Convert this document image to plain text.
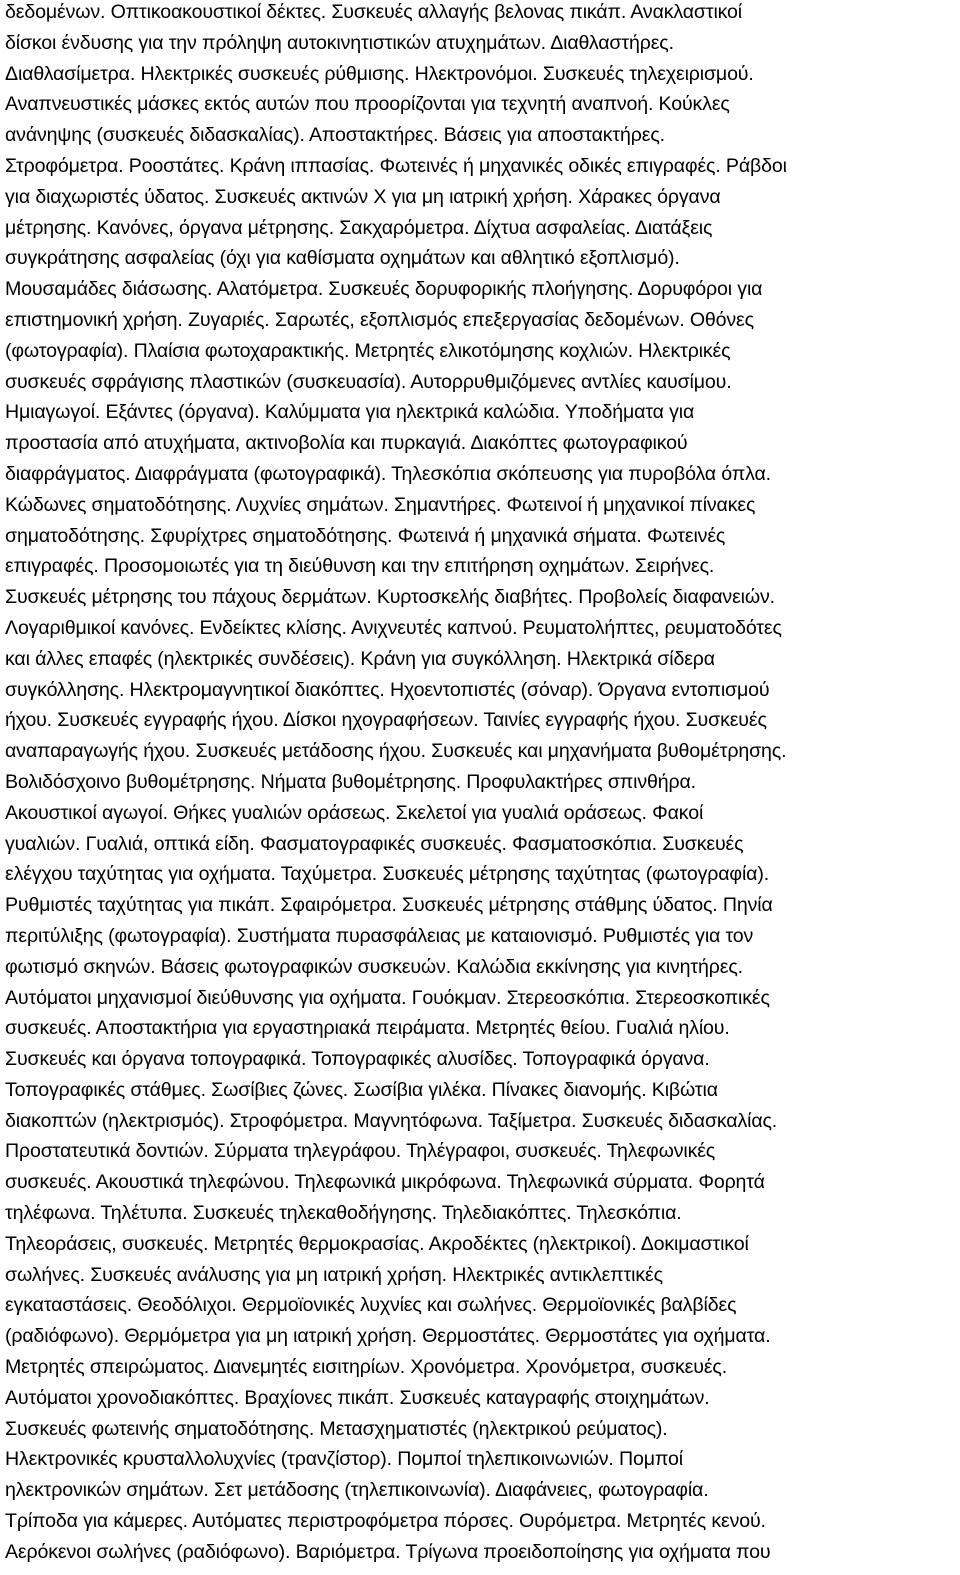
δεδομένων. Οπτικοακουστικοί δέκτες. Συσκευές αλλαγής βελονας πικάπ. Ανακλαστικοί
δίσκοι ένδυσης για την πρόληψη αυτοκινητιστικών ατυχημάτων. Διαθλαστήρες.
Διαθλασίμετρα. Ηλεκτρικές συσκευές ρύθμισης. Ηλεκτρονόμοι. Συσκευές τηλεχειρισμού.
Αναπνευστικές μάσκες εκτός αυτών που προορίζονται για τεχνητή αναπνοή. Κούκλες
ανάνηψης (συσκευές διδασκαλίας). Αποστακτήρες. Βάσεις για αποστακτήρες.
Στροφόμετρα. Ροοστάτες. Κράνη ιππασίας. Φωτεινές ή μηχανικές οδικές επιγραφές. Ράβδοι
για διαχωριστές ύδατος. Συσκευές ακτινών Χ για μη ιατρική χρήση. Χάρακες όργανα
μέτρησης. Κανόνες, όργανα μέτρησης. Σακχαρόμετρα. Δίχτυα ασφαλείας. Διατάξεις
συγκράτησης ασφαλείας (όχι για καθίσματα οχημάτων και αθλητικό εξοπλισμό).
Μουσαμάδες διάσωσης. Αλατόμετρα. Συσκευές δορυφορικής πλοήγησης. Δορυφόροι για
επιστημονική χρήση. Ζυγαριές. Σαρωτές, εξοπλισμός επεξεργασίας δεδομένων. Οθόνες
(φωτογραφία). Πλαίσια φωτοχαρακτικής. Μετρητές ελικοτόμησης κοχλιών. Ηλεκτρικές
συσκευές σφράγισης πλαστικών (συσκευασία). Αυτορρυθμιζόμενες αντλίες καυσίμου.
Ημιαγωγοί. Εξάντες (όργανα). Καλύμματα για ηλεκτρικά καλώδια. Υποδήματα για
προστασία από ατυχήματα, ακτινοβολία και πυρκαγιά. Διακόπτες φωτογραφικού
διαφράγματος. Διαφράγματα (φωτογραφικά). Τηλεσκόπια σκόπευσης για πυροβόλα όπλα.
Κώδωνες σηματοδότησης. Λυχνίες σημάτων. Σημαντήρες. Φωτεινοί ή μηχανικοί πίνακες
σηματοδότησης. Σφυρίχτρες σηματοδότησης. Φωτεινά ή μηχανικά σήματα. Φωτεινές
επιγραφές. Προσομοιωτές για τη διεύθυνση και την επιτήρηση οχημάτων. Σειρήνες.
Συσκευές μέτρησης του πάχους δερμάτων. Κυρτοσκελής διαβήτες. Προβολείς διαφανειών.
Λογαριθμικοί κανόνες. Ενδείκτες κλίσης. Ανιχνευτές καπνού. Ρευματολήπτες, ρευματοδότες
και άλλες επαφές (ηλεκτρικές συνδέσεις). Κράνη για συγκόλληση. Ηλεκτρικά σίδερα
συγκόλλησης. Ηλεκτρομαγνητικοί διακόπτες. Ηχοεντοπιστές (σόναρ). Όργανα εντοπισμού
ήχου. Συσκευές εγγραφής ήχου. Δίσκοι ηχογραφήσεων. Ταινίες εγγραφής ήχου. Συσκευές
αναπαραγωγής ήχου. Συσκευές μετάδοσης ήχου. Συσκευές και μηχανήματα βυθομέτρησης.
Βολιδόσχοινο βυθομέτρησης. Νήματα βυθομέτρησης. Προφυλακτήρες σπινθήρα.
Ακουστικοί αγωγοί. Θήκες γυαλιών οράσεως. Σκελετοί για γυαλιά οράσεως. Φακοί
γυαλιών. Γυαλιά, οπτικά είδη. Φασματογραφικές συσκευές. Φασματοσκόπια. Συσκευές
ελέγχου ταχύτητας για οχήματα. Ταχύμετρα. Συσκευές μέτρησης ταχύτητας (φωτογραφία).
Ρυθμιστές ταχύτητας για πικάπ. Σφαιρόμετρα. Συσκευές μέτρησης στάθμης ύδατος. Πηνία
περιτύλιξης (φωτογραφία). Συστήματα πυρασφάλειας με καταιονισμό. Ρυθμιστές για τον
φωτισμό σκηνών. Βάσεις φωτογραφικών συσκευών. Καλώδια εκκίνησης για κινητήρες.
Αυτόματοι μηχανισμοί διεύθυνσης για οχήματα. Γουόκμαν. Στερεοσκόπια. Στερεοσκοπικές
συσκευές. Αποστακτήρια για εργαστηριακά πειράματα. Μετρητές θείου. Γυαλιά ηλίου.
Συσκευές και όργανα τοπογραφικά. Τοπογραφικές αλυσίδες. Τοπογραφικά όργανα.
Τοπογραφικές στάθμες. Σωσίβιες ζώνες. Σωσίβια γιλέκα. Πίνακες διανομής. Κιβώτια
διακοπτών (ηλεκτρισμός). Στροφόμετρα. Μαγνητόφωνα. Ταξίμετρα. Συσκευές διδασκαλίας.
Προστατευτικά δοντιών. Σύρματα τηλεγράφου. Τηλέγραφοι, συσκευές. Τηλεφωνικές
συσκευές. Ακουστικά τηλεφώνου. Τηλεφωνικά μικρόφωνα. Τηλεφωνικά σύρματα. Φορητά
τηλέφωνα. Τηλέτυπα. Συσκευές τηλεκαθοδήγησης. Τηλεδιακόπτες. Τηλεσκόπια.
Τηλεοράσεις, συσκευές. Μετρητές θερμοκρασίας. Ακροδέκτες (ηλεκτρικοί). Δοκιμαστικοί
σωλήνες. Συσκευές ανάλυσης για μη ιατρική χρήση. Ηλεκτρικές αντικλεπτικές
εγκαταστάσεις. Θεοδόλιχοι. Θερμοϊονικές λυχνίες και σωλήνες. Θερμοϊονικές βαλβίδες
(ραδιόφωνο). Θερμόμετρα για μη ιατρική χρήση. Θερμοστάτες. Θερμοστάτες για οχήματα.
Μετρητές σπειρώματος. Διανεμητές εισιτηρίων. Χρονόμετρα. Χρονόμετρα, συσκευές.
Αυτόματοι χρονοδιακόπτες. Βραχίονες πικάπ. Συσκευές καταγραφής στοιχημάτων.
Συσκευές φωτεινής σηματοδότησης. Μετασχηματιστές (ηλεκτρικού ρεύματος).
Ηλεκτρονικές κρυσταλλολυχνίες (τρανζίστορ). Πομποί τηλεπικοινωνιών. Πομποί
ηλεκτρονικών σημάτων. Σετ μετάδοσης (τηλεπικοινωνία). Διαφάνειες, φωτογραφία.
Τρίποδα για κάμερες. Αυτόματες περιστροφόμετρα πόρσες. Ουρόμετρα. Μετρητές κενού.
Αερόκενοι σωλήνες (ραδιόφωνο). Βαριόμετρα. Τρίγωνα προειδοποίησης για οχήματα που
